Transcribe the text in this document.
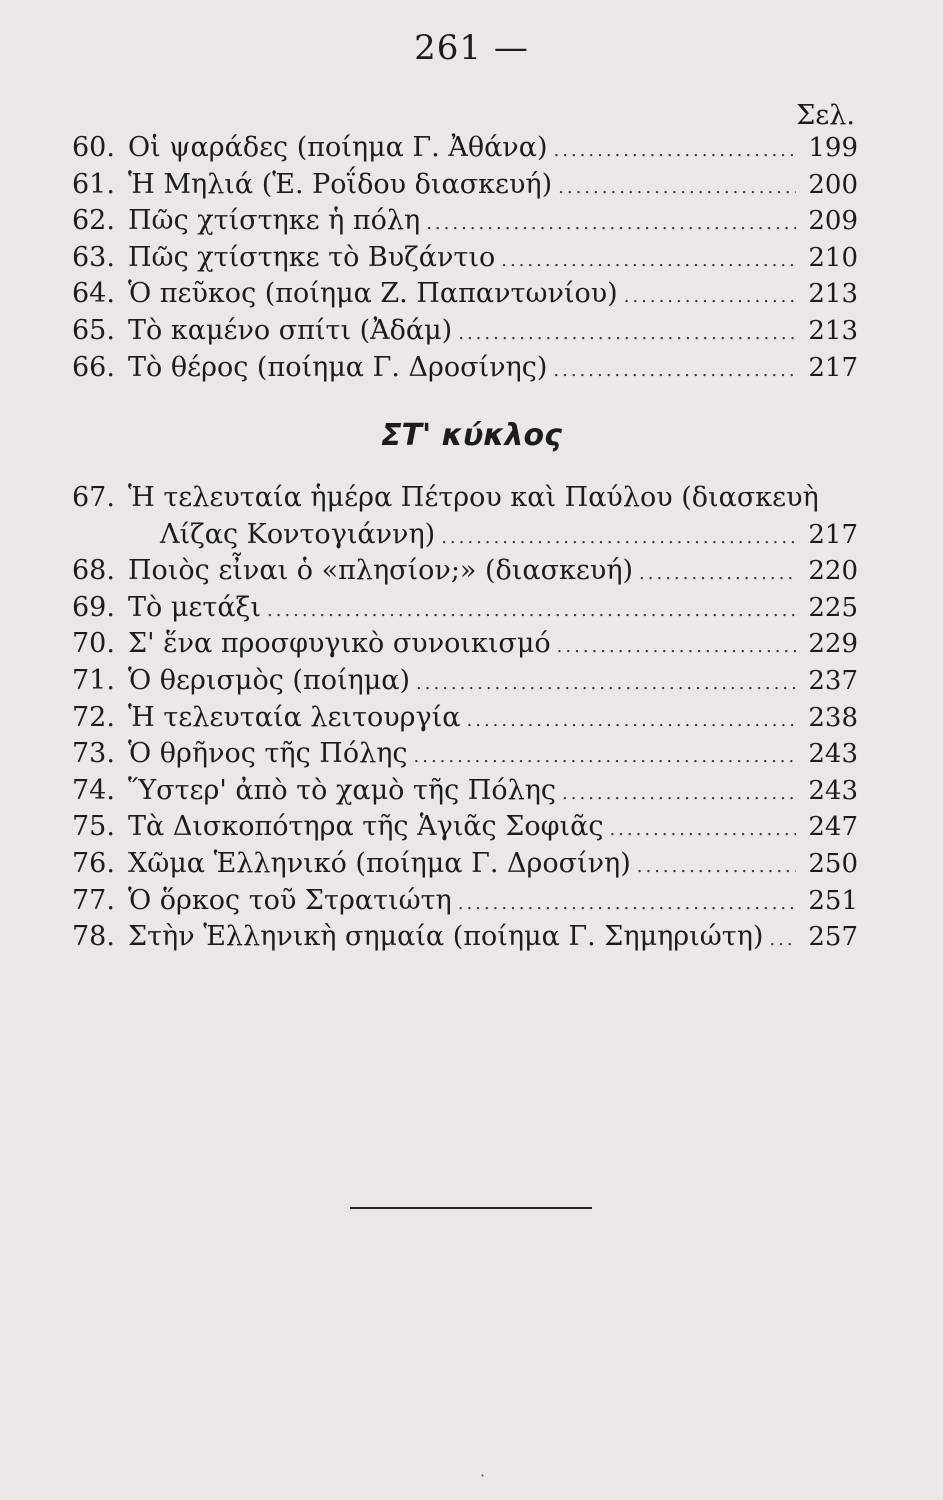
261 —
Σελ.
60. Οἱ ψαράδες (ποίημα Γ. Ἀθάνα) .....	199
61. Ἡ Μηλιά (Ἑ. Ροΐδου διασκευή) .....	200
62. Πῶς χτίστηκε ἡ πόλη .....	209
63. Πῶς χτίστηκε τὸ Βυζάντιο .....	210
64. Ὁ πεῦκος (ποίημα Ζ. Παπαντωνίου) .....	213
65. Τὸ καμένο σπίτι (Ἀδάμ) .....	213
66. Τὸ θέρος (ποίημα Γ. Δροσίνης) .....	217
ΣΤ' κύκλος
67. Ἡ τελευταία ἡμέρα Πέτρου καὶ Παύλου (διασκευὴ
Λίζας Κοντογιάννη) .....	217
68. Ποιὸς εἶναι ὁ «πλησίον;» (διασκευή) .....	220
69. Τὸ μετάξι .....	225
70. Σ' ἕνα προσφυγικὸ συνοικισμό .....	229
71. Ὁ θερισμὸς (ποίημα) .....	237
72. Ἡ τελευταία λειτουργία .....	238
73. Ὁ θρῆνος τῆς Πόλης .....	243
74. Ὕστερ' ἀπὸ τὸ χαμὸ τῆς Πόλης .....	243
75. Τὰ Δισκοπότηρα τῆς Ἁγιᾶς Σοφιᾶς .....	247
76. Χῶμα Ἑλληνικό (ποίημα Γ. Δροσίνη) .....	250
77. Ὁ ὅρκος τοῦ Στρατιώτη .....	251
78. Στὴν Ἑλληνικὴ σημαία (ποίημα Γ. Σημηριώτη) ..... 257
·
